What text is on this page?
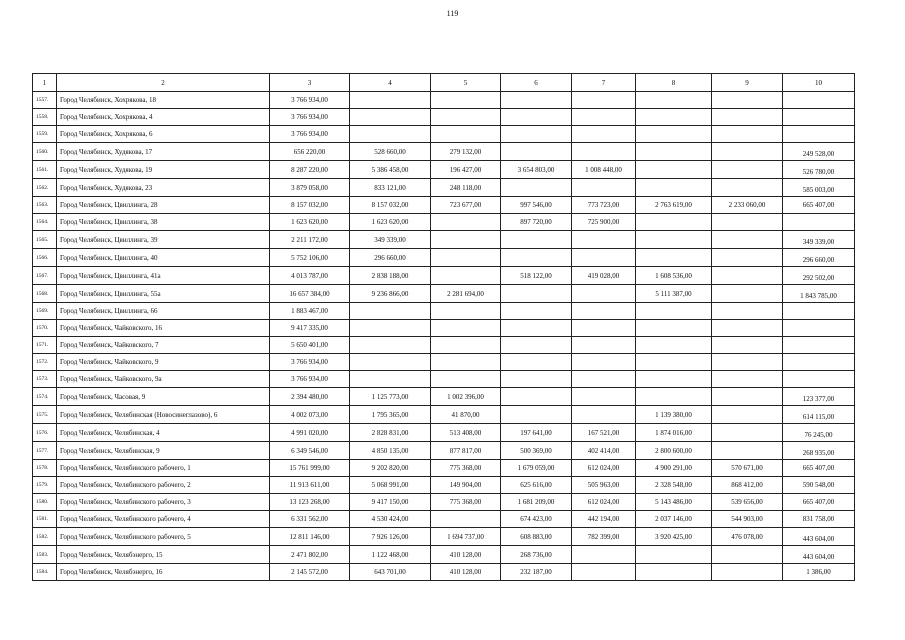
119
1	2	3	4	5	6	7	8	9	10
1557.	Город Челябинск, Хохрякова, 18	3 766 934,00							
1558.	Город Челябинск, Хохрякова, 4	3 766 934,00							
1559.	Город Челябинск, Хохрякова, 6	3 766 934,00							
1560.	Город Челябинск, Худякова, 17	656 220,00	528 660,00	279 132,00					249 528,00
1561.	Город Челябинск, Худякова, 19	8 287 220,00	5 386 458,00	196 427,00	3 654 803,00	1 008 448,00			526 780,00
1562.	Город Челябинск, Худякова, 23	3 879 058,00	833 121,00	248 118,00					585 003,00
1563.	Город Челябинск, Цвиллинга, 28	8 157 032,00	8 157 032,00	723 677,00	997 546,00	773 723,00	2 763 619,00	2 233 060,00	665 407,00
1564.	Город Челябинск, Цвиллинга, 38	1 623 620,00	1 623 620,00		897 720,00	725 900,00			
1565.	Город Челябинск, Цвиллинга, 39	2 211 172,00	349 339,00						349 339,00
1566.	Город Челябинск, Цвиллинга, 40	5 752 106,00	296 660,00						296 660,00
1567.	Город Челябинск, Цвиллинга, 41а	4 013 787,00	2 838 188,00		518 122,00	419 028,00	1 608 536,00		292 502,00
1568.	Город Челябинск, Цвиллинга, 55а	16 657 384,00	9 236 866,00	2 281 694,00			5 111 387,00		1 843 785,00
1569.	Город Челябинск, Цвиллинга, 66	1 883 467,00							
1570.	Город Челябинск, Чайковского, 16	9 417 335,00							
1571.	Город Челябинск, Чайковского, 7	5 650 401,00							
1572.	Город Челябинск, Чайковского, 9	3 766 934,00							
1573.	Город Челябинск, Чайковского, 9а	3 766 934,00							
1574.	Город Челябинск, Часовая, 9	2 394 480,00	1 125 773,00	1 002 396,00					123 377,00
1575.	Город Челябинск, Челябинская (Новосинеглазово), 6	4 002 073,00	1 795 365,00	41 870,00			1 139 380,00		614 115,00
1576.	Город Челябинск, Челябинская, 4	4 991 020,00	2 828 831,00	513 408,00	197 641,00	167 521,00	1 874 016,00		76 245,00
1577.	Город Челябинск, Челябинская, 9	6 349 546,00	4 850 135,00	877 817,00	500 369,00	402 414,00	2 800 600,00		268 935,00
1578.	Город Челябинск, Челябинского рабочего, 1	15 761 999,00	9 202 820,00	775 368,00	1 679 059,00	612 024,00	4 900 291,00	570 671,00	665 407,00
1579.	Город Челябинск, Челябинского рабочего, 2	11 913 611,00	5 068 991,00	149 904,00	625 616,00	505 963,00	2 328 548,00	868 412,00	590 548,00
1580.	Город Челябинск, Челябинского рабочего, 3	13 123 268,00	9 417 150,00	775 368,00	1 681 209,00	612 024,00	5 143 486,00	539 656,00	665 407,00
1581.	Город Челябинск, Челябинского рабочего, 4	6 331 562,00	4 530 424,00		674 423,00	442 194,00	2 037 146,00	544 903,00	831 758,00
1582.	Город Челябинск, Челябинского рабочего, 5	12 811 146,00	7 926 126,00	1 694 737,00	608 883,00	782 399,00	3 920 425,00	476 078,00	443 604,00
1583.	Город Челябинск, Челябэнерго, 15	2 471 802,00	1 122 468,00	410 128,00	268 736,00				443 604,00
1584.	Город Челябинск, Челябэнерго, 16	2 145 572,00	643 701,00	410 128,00	232 187,00				1 386,00
